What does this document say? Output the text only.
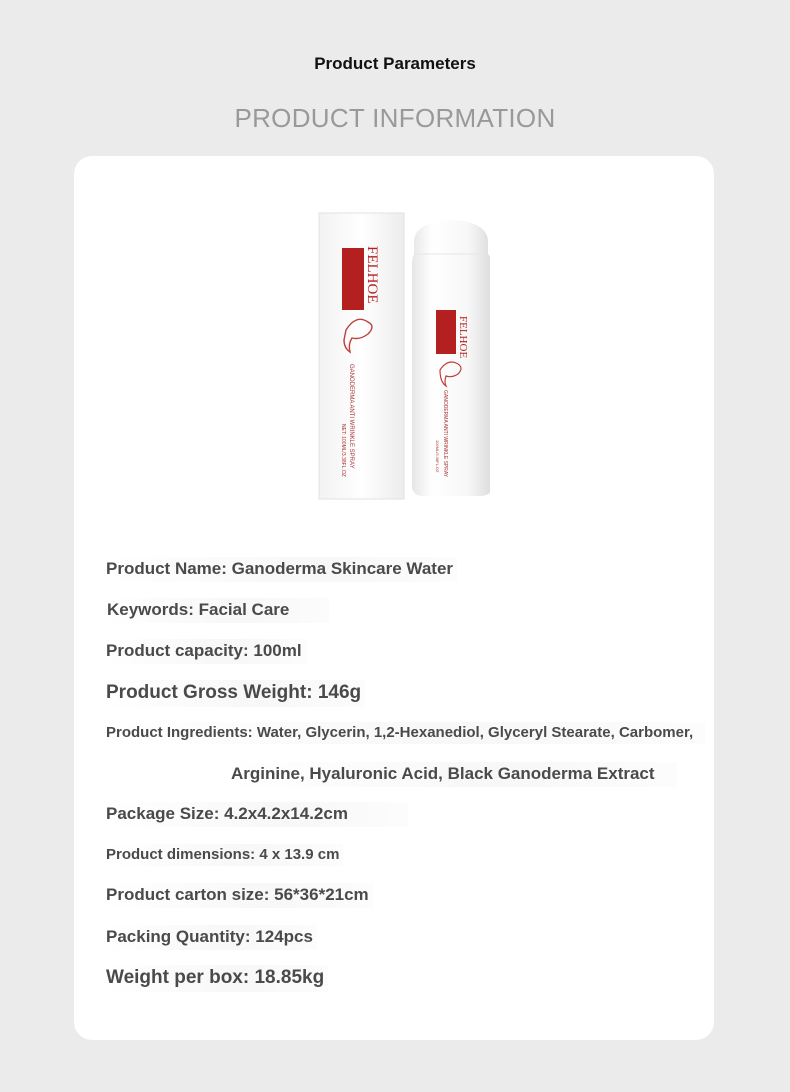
Product Parameters
PRODUCT INFORMATION
FELHOE
GANODERMA ANTI WRINKLE SPRAY
NET: 100ML/3.38FL.OZ
FELHOE
GANODERMA ANTI WRINKLE SPRAY
100ML/3.38FL.OZ
Product Name: Ganoderma Skincare Water
Keywords: Facial Care
Product capacity: 100ml
Product Gross Weight: 146g
Product Ingredients: Water, Glycerin, 1,2-Hexanediol, Glyceryl Stearate, Carbomer,
Arginine, Hyaluronic Acid, Black Ganoderma Extract
Package Size: 4.2x4.2x14.2cm
Product dimensions: 4 x 13.9 cm
Product carton size: 56*36*21cm
Packing Quantity: 124pcs
Weight per box: 18.85kg
